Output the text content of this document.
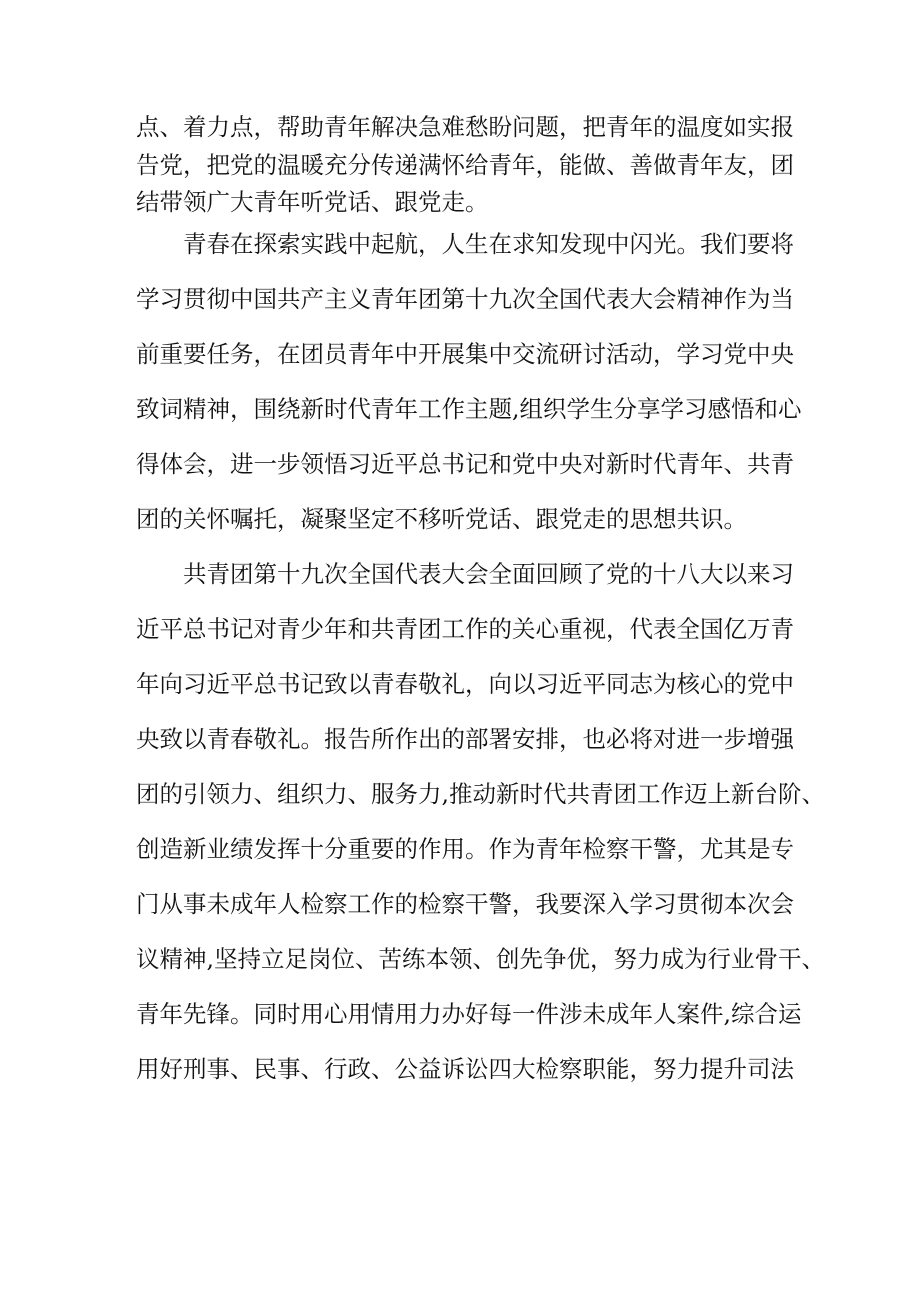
点、着力点，帮助青年解决急难愁盼问题，把青年的温度如实报

告党，把党的温暖充分传递满怀给青年，能做、善做青年友，团

结带领广大青年听党话、跟党走。

青春在探索实践中起航，人生在求知发现中闪光。我们要将

学习贯彻中国共产主义青年团第十九次全国代表大会精神作为当

前重要任务，在团员青年中开展集中交流研讨活动，学习党中央

致词精神，围绕新时代青年工作主题,组织学生分享学习感悟和心

得体会，进一步领悟习近平总书记和党中央对新时代青年、共青

团的关怀嘱托，凝聚坚定不移听党话、跟党走的思想共识。

共青团第十九次全国代表大会全面回顾了党的十八大以来习

近平总书记对青少年和共青团工作的关心重视，代表全国亿万青

年向习近平总书记致以青春敬礼，向以习近平同志为核心的党中

央致以青春敬礼。报告所作出的部署安排，也必将对进一步增强

团的引领力、组织力、服务力,推动新时代共青团工作迈上新台阶、

创造新业绩发挥十分重要的作用。作为青年检察干警，尤其是专

门从事未成年人检察工作的检察干警，我要深入学习贯彻本次会

议精神,坚持立足岗位、苦练本领、创先争优，努力成为行业骨干、

青年先锋。同时用心用情用力办好每一件涉未成年人案件,综合运

用好刑事、民事、行政、公益诉讼四大检察职能，努力提升司法
